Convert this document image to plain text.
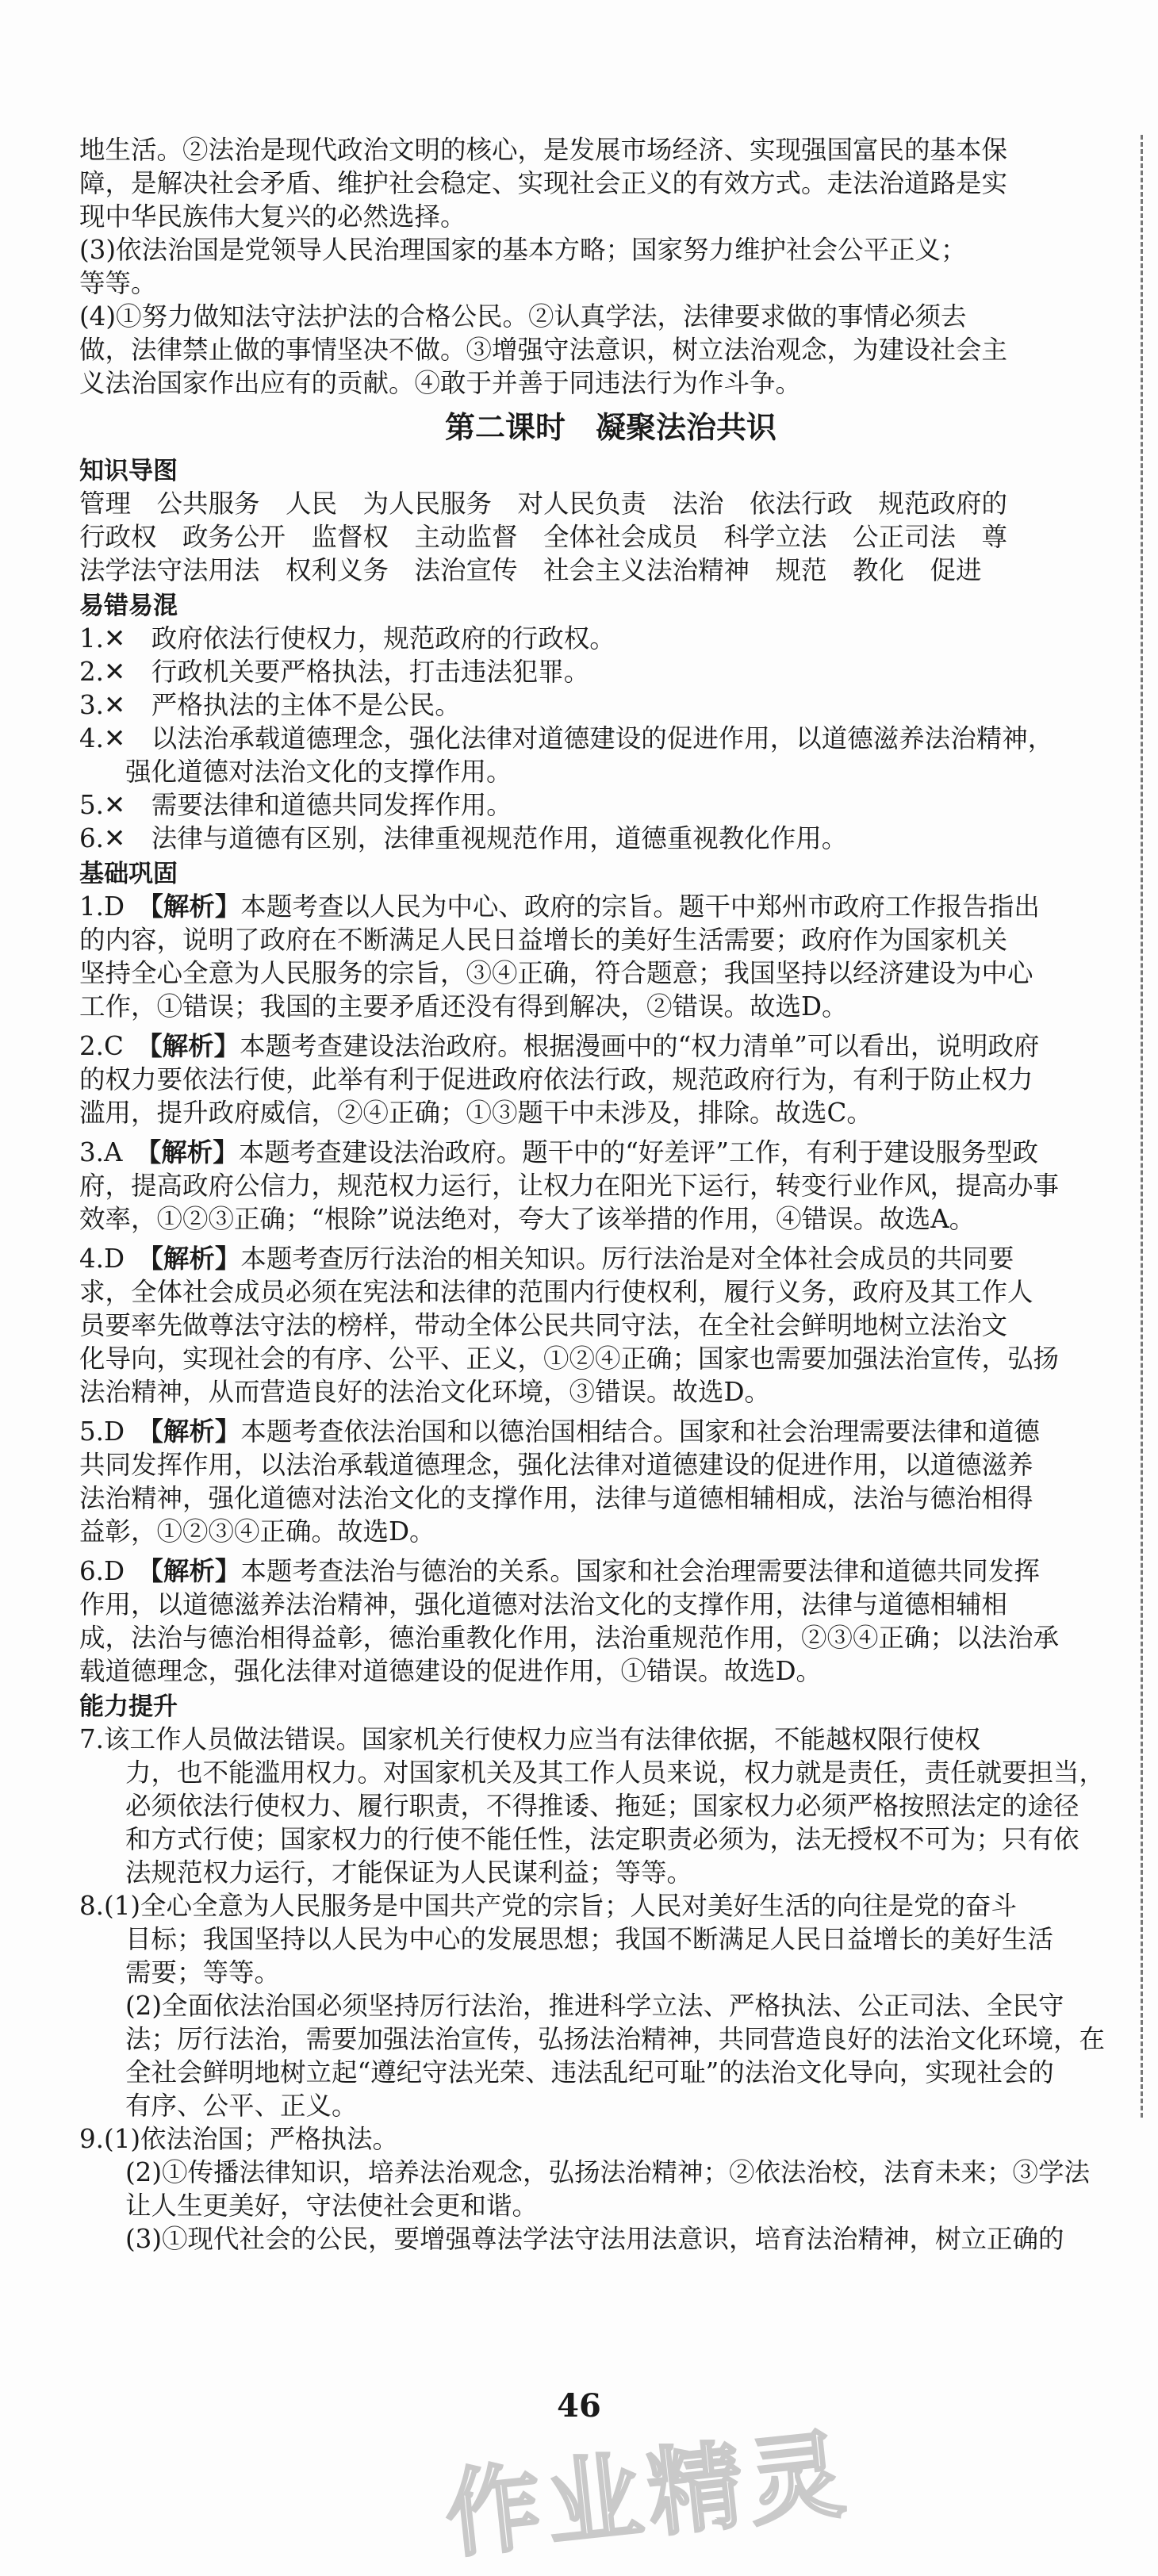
地生活。②法治是现代政治文明的核心，是发展市场经济、实现强国富民的基本保

障，是解决社会矛盾、维护社会稳定、实现社会正义的有效方式。走法治道路是实

现中华民族伟大复兴的必然选择。

(3)依法治国是党领导人民治理国家的基本方略；国家努力维护社会公平正义；

等等。

(4)①努力做知法守法护法的合格公民。②认真学法，法律要求做的事情必须去

做，法律禁止做的事情坚决不做。③增强守法意识，树立法治观念，为建设社会主

义法治国家作出应有的贡献。④敢于并善于同违法行为作斗争。

第二课时　凝聚法治共识
知识导图

管理　公共服务　人民　为人民服务　对人民负责　法治　依法行政　规范政府的

行政权　政务公开　监督权　主动监督　全体社会成员　科学立法　公正司法　尊

法学法守法用法　权利义务　法治宣传　社会主义法治精神　规范　教化　促进

易错易混

1.✕　 政府依法行使权力，规范政府的行政权。

2.✕　 行政机关要严格执法，打击违法犯罪。

3.✕　 严格执法的主体不是公民。

4.✕　 以法治承载道德理念，强化法律对道德建设的促进作用，以道德滋养法治精神，

强化道德对法治文化的支撑作用。

5.✕　 需要法律和道德共同发挥作用。

6.✕　 法律与道德有区别，法律重视规范作用，道德重视教化作用。

基础巩固

1.D　 【解析】本题考查以人民为中心、政府的宗旨。题干中郑州市政府工作报告指出

的内容，说明了政府在不断满足人民日益增长的美好生活需要；政府作为国家机关

坚持全心全意为人民服务的宗旨，③④正确，符合题意；我国坚持以经济建设为中心

工作，①错误；我国的主要矛盾还没有得到解决，②错误。故选D。

2.C　 【解析】本题考查建设法治政府。根据漫画中的“权力清单”可以看出，说明政府

的权力要依法行使，此举有利于促进政府依法行政，规范政府行为，有利于防止权力

滥用，提升政府威信，②④正确；①③题干中未涉及，排除。故选C。

3.A　 【解析】本题考查建设法治政府。题干中的“好差评”工作，有利于建设服务型政

府，提高政府公信力，规范权力运行，让权力在阳光下运行，转变行业作风，提高办事

效率，①②③正确；“根除”说法绝对，夸大了该举措的作用，④错误。故选A。

4.D　 【解析】本题考查厉行法治的相关知识。厉行法治是对全体社会成员的共同要

求，全体社会成员必须在宪法和法律的范围内行使权利，履行义务，政府及其工作人

员要率先做尊法守法的榜样，带动全体公民共同守法，在全社会鲜明地树立法治文

化导向，实现社会的有序、公平、正义，①②④正确；国家也需要加强法治宣传，弘扬

法治精神，从而营造良好的法治文化环境，③错误。故选D。

5.D　 【解析】本题考查依法治国和以德治国相结合。国家和社会治理需要法律和道德

共同发挥作用，以法治承载道德理念，强化法律对道德建设的促进作用，以道德滋养

法治精神，强化道德对法治文化的支撑作用，法律与道德相辅相成，法治与德治相得

益彰，①②③④正确。故选D。

6.D　 【解析】本题考查法治与德治的关系。国家和社会治理需要法律和道德共同发挥

作用，以道德滋养法治精神，强化道德对法治文化的支撑作用，法律与道德相辅相

成，法治与德治相得益彰，德治重教化作用，法治重规范作用，②③④正确；以法治承

载道德理念，强化法律对道德建设的促进作用，①错误。故选D。

能力提升

7.该工作人员做法错误。国家机关行使权力应当有法律依据，不能越权限行使权

力，也不能滥用权力。对国家机关及其工作人员来说，权力就是责任，责任就要担当，

必须依法行使权力、履行职责，不得推诿、拖延；国家权力必须严格按照法定的途径

和方式行使；国家权力的行使不能任性，法定职责必须为，法无授权不可为；只有依

法规范权力运行，才能保证为人民谋利益；等等。

8.(1)全心全意为人民服务是中国共产党的宗旨；人民对美好生活的向往是党的奋斗

目标；我国坚持以人民为中心的发展思想；我国不断满足人民日益增长的美好生活

需要；等等。

(2)全面依法治国必须坚持厉行法治，推进科学立法、严格执法、公正司法、全民守

法；厉行法治，需要加强法治宣传，弘扬法治精神，共同营造良好的法治文化环境，在

全社会鲜明地树立起“遵纪守法光荣、违法乱纪可耻”的法治文化导向，实现社会的

有序、公平、正义。

9.(1)依法治国；严格执法。

(2)①传播法律知识，培养法治观念，弘扬法治精神；②依法治校，法育未来；③学法

让人生更美好，守法使社会更和谐。

(3)①现代社会的公民，要增强尊法学法守法用法意识，培育法治精神，树立正确的

46
作业精灵
